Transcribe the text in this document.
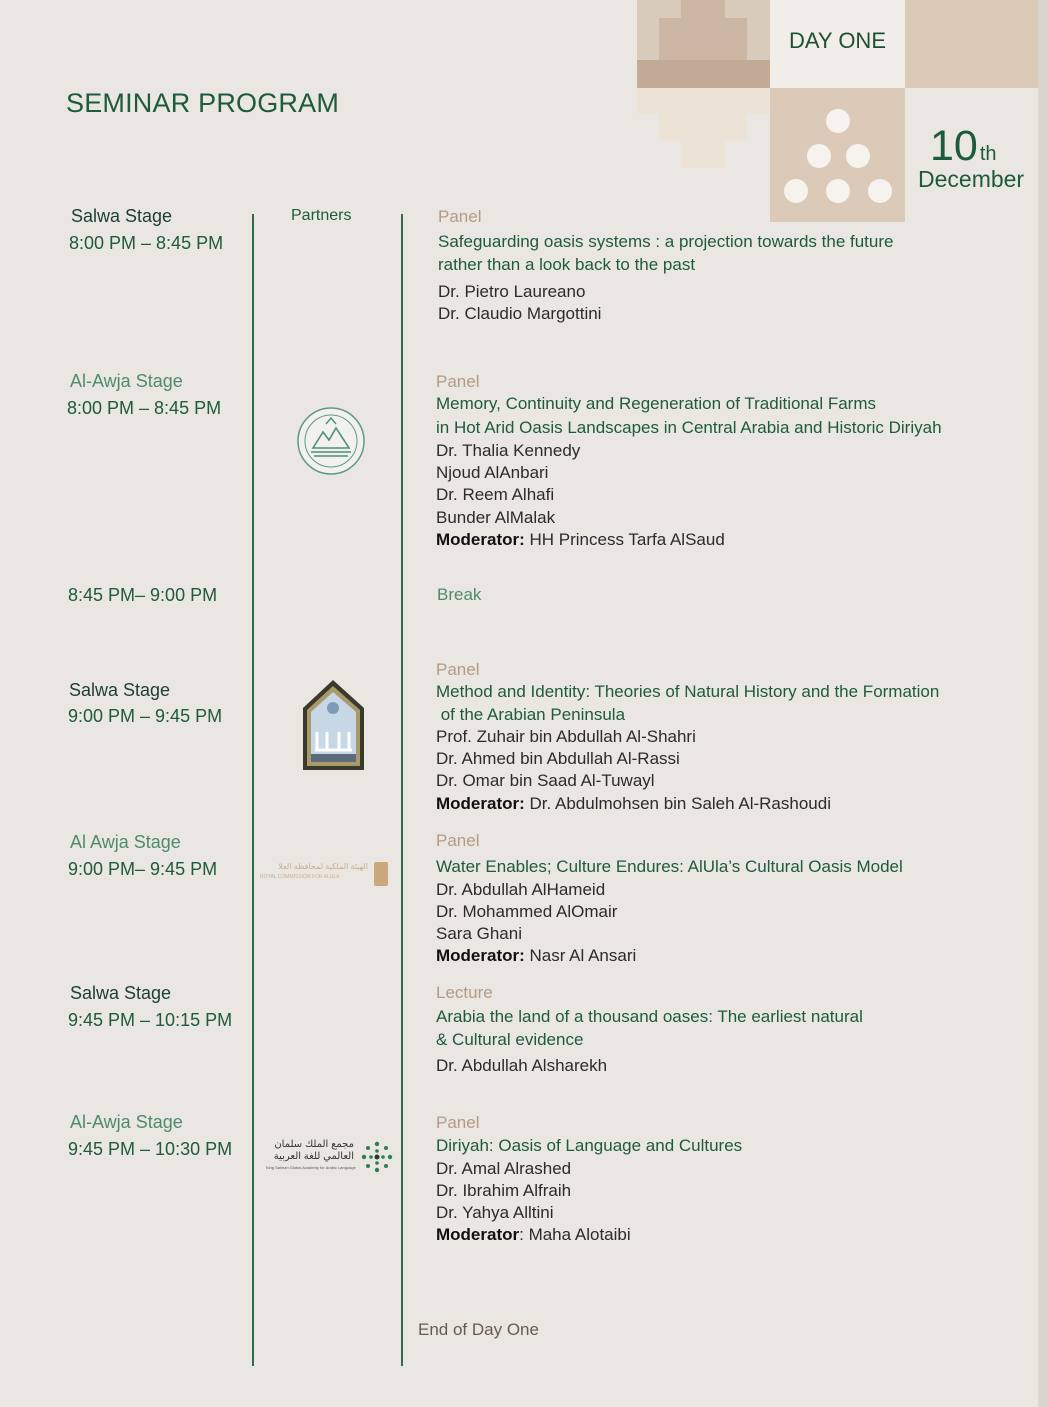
DAY ONE
10 th
December
SEMINAR PROGRAM
Partners
Salwa Stage
8:00 PM – 8:45 PM
Panel
Safeguarding oasis systems : a projection towards the future
rather than a look back to the past
Dr. Pietro Laureano
Dr. Claudio Margottini
Al-Awja Stage
8:00 PM – 8:45 PM
Panel
Memory, Continuity and Regeneration of Traditional Farms
in Hot Arid Oasis Landscapes in Central Arabia and Historic Diriyah
Dr. Thalia Kennedy
Njoud AlAnbari
Dr. Reem Alhafi
Bunder AlMalak
Moderator: HH Princess Tarfa AlSaud
8:45 PM– 9:00 PM	Break
Salwa Stage
9:00 PM – 9:45 PM
Panel
Method and Identity: Theories of Natural History and the Formation
of the Arabian Peninsula
Prof. Zuhair bin Abdullah Al-Shahri
Dr. Ahmed bin Abdullah Al-Rassi
Dr. Omar bin Saad Al-Tuwayl
Moderator: Dr. Abdulmohsen bin Saleh Al-Rashoudi
Al Awja Stage
9:00 PM– 9:45 PM
Panel
Water Enables; Culture Endures: AlUla’s Cultural Oasis Model
Dr. Abdullah AlHameid
Dr. Mohammed AlOmair
Sara Ghani
Moderator: Nasr Al Ansari
الهيئة الملكية لمحافظة العلا
ROYAL COMMISSION FOR ALULA
Salwa Stage
9:45 PM – 10:15 PM
Lecture
Arabia the land of a thousand oases: The earliest natural
& Cultural evidence
Dr. Abdullah Alsharekh
Al-Awja Stage
9:45 PM – 10:30 PM
Panel
Diriyah: Oasis of Language and Cultures
Dr. Amal Alrashed
Dr. Ibrahim Alfraih
Dr. Yahya Alltini
Moderator: Maha Alotaibi
مجمع الملك سلمان
العالمي للغة العربية
King Salman Global Academy for Arabic Language
End of Day One
